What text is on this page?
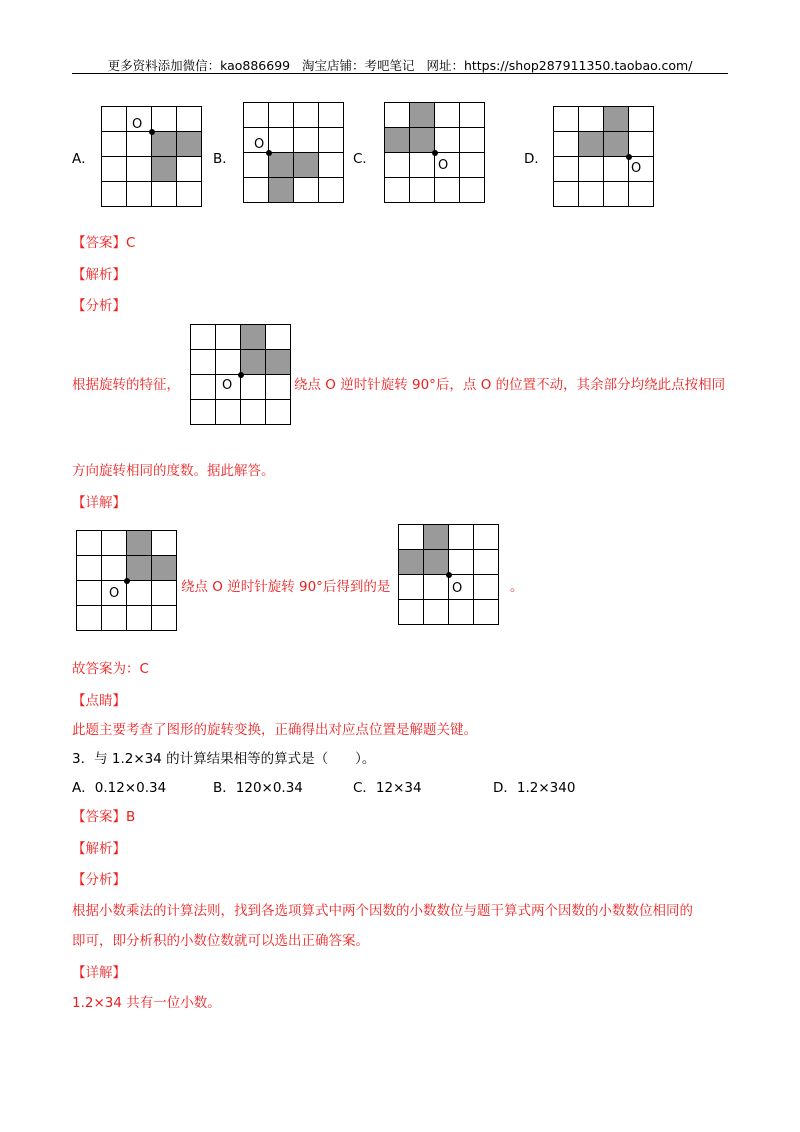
更多资料添加微信：kao886699   淘宝店铺：考吧笔记   网址：https://shop287911350.taobao.com/
A．
O
B．
O
C．	O	D．
O
【答案】C
【解析】
【分析】
根据旋转的特征，	O	绕点 O 逆时针旋转 90°后，点 O 的位置不动，其余部分均绕此点按相同
方向旋转相同的度数。据此解答。
【详解】
O	绕点 O 逆时针旋转 90°后得到的是	O	。
故答案为：C
【点睛】
此题主要考查了图形的旋转变换，正确得出对应点位置是解题关键。
3．与 1.2×34 的计算结果相等的算式是（　　）。
A．0.12×0.34	B．120×0.34	C．12×34	D．1.2×340
【答案】B
【解析】
【分析】
根据小数乘法的计算法则，找到各选项算式中两个因数的小数数位与题干算式两个因数的小数数位相同的
即可，即分析积的小数位数就可以选出正确答案。
【详解】
1.2×34 共有一位小数。
